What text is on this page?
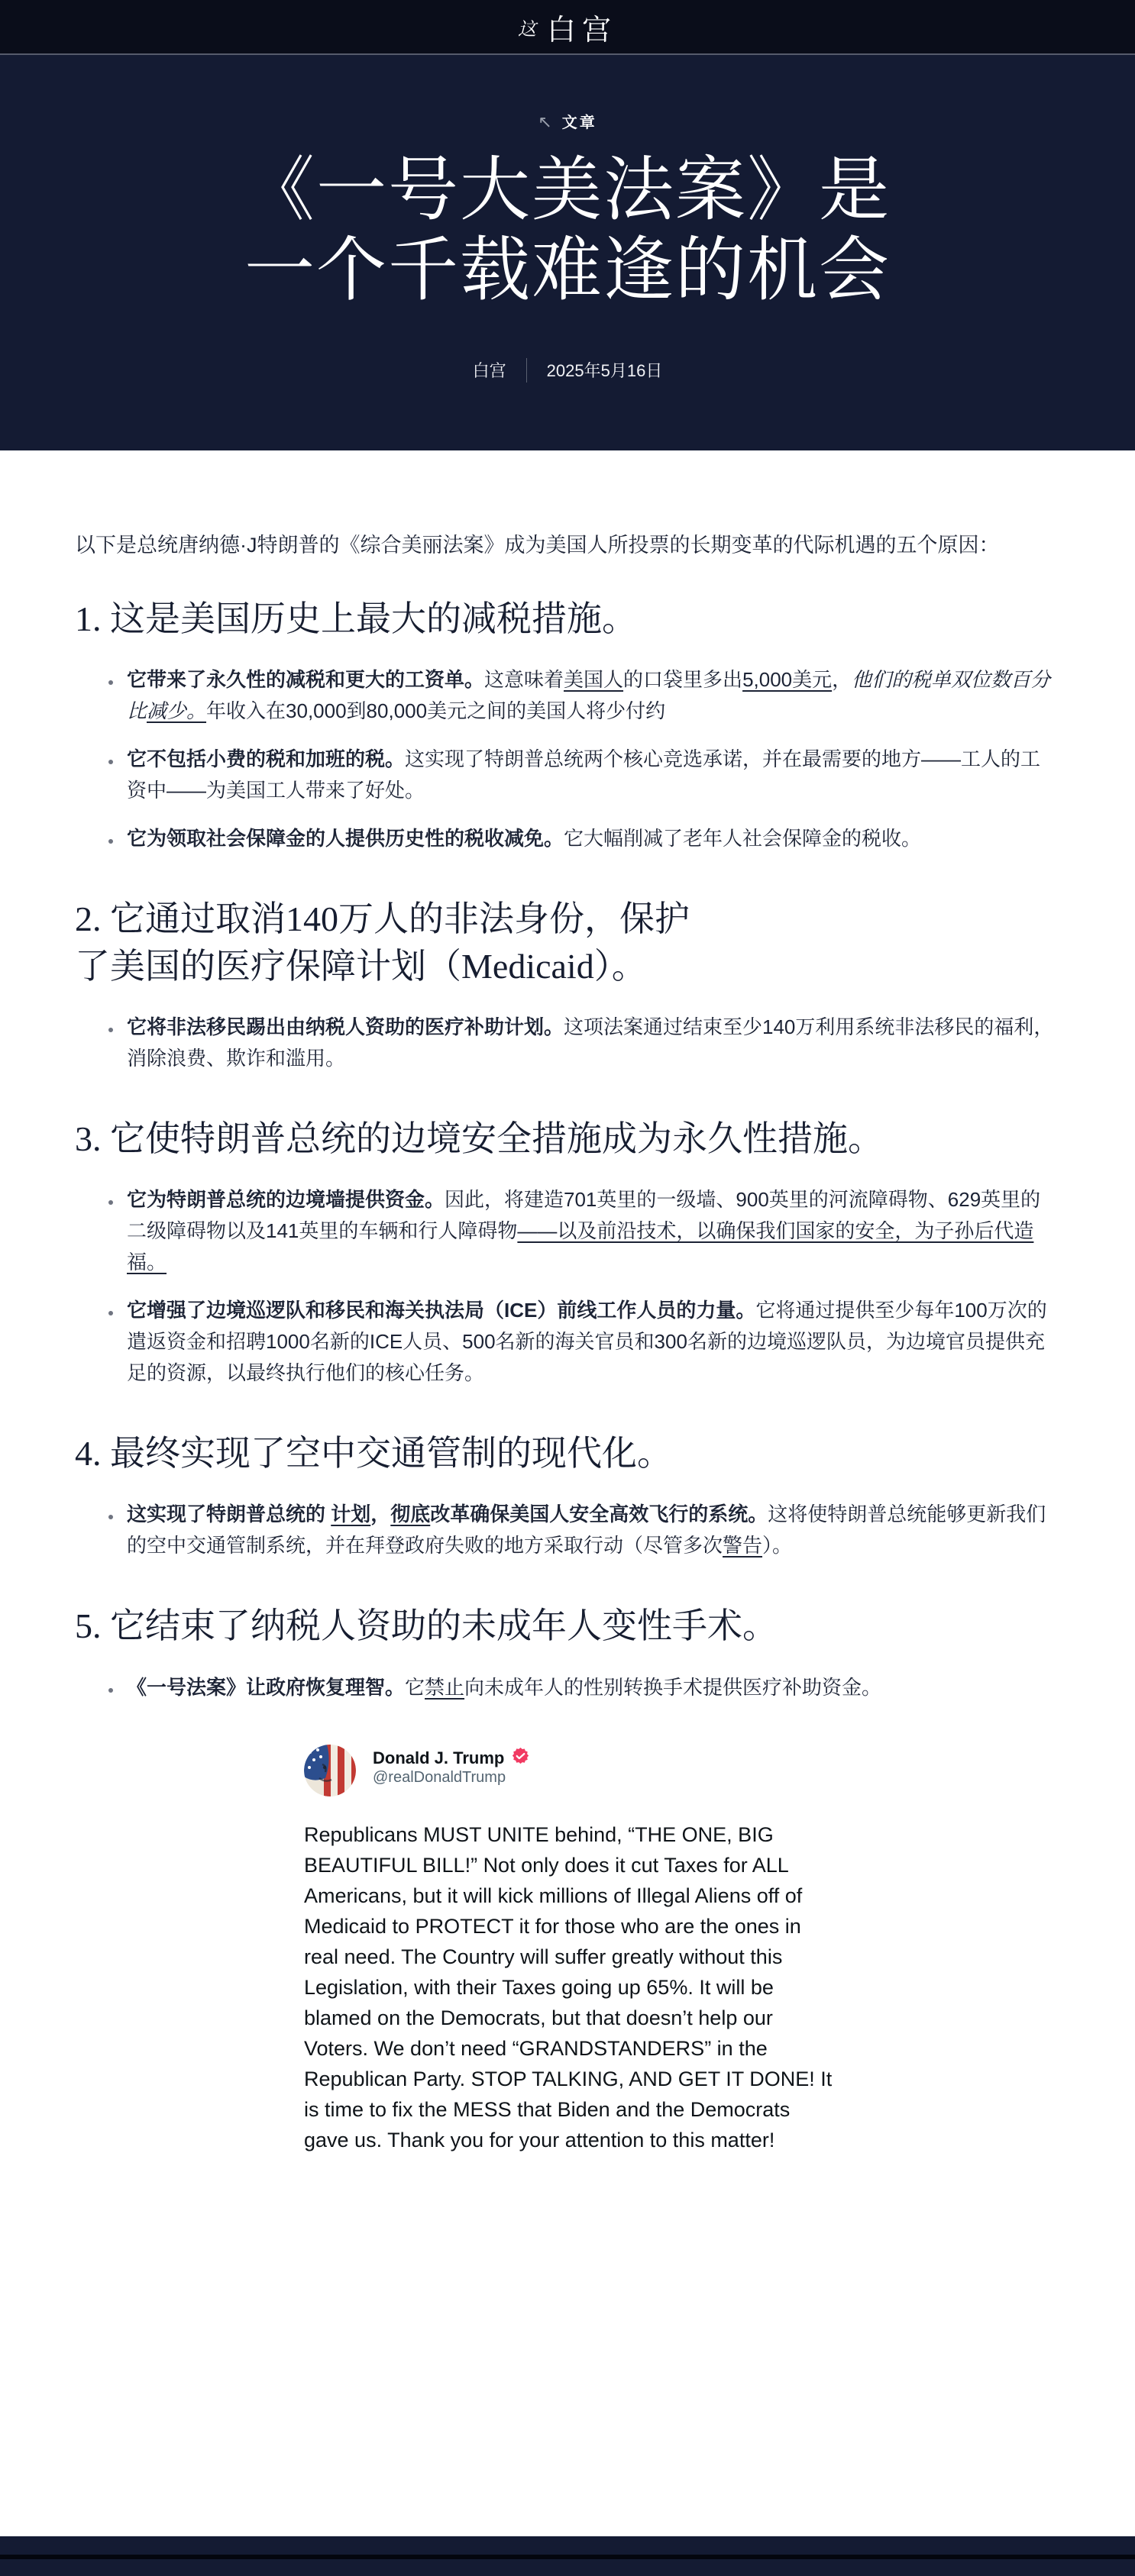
这 白宫
↖ 文章
《一号大美法案》是
一个千载难逢的机会
白宫 2025年5月16日

以下是总统唐纳德·J特朗普的《综合美丽法案》成为美国人所投票的长期变革的代际机遇的五个原因：

1. 这是美国历史上最大的减税措施。
• 它带来了永久性的减税和更大的工资单。这意味着美国人的口袋里多出5,000美元，他们的税单双位数百分比减少。年收入在30,000到80,000美元之间的美国人将少付约
• 它不包括小费的税和加班的税。这实现了特朗普总统两个核心竞选承诺，并在最需要的地方——工人的工资中——为美国工人带来了好处。
• 它为领取社会保障金的人提供历史性的税收减免。它大幅削减了老年人社会保障金的税收。
2. 它通过取消140万人的非法身份，保护
了美国的医疗保障计划（Medicaid）。
• 它将非法移民踢出由纳税人资助的医疗补助计划。这项法案通过结束至少140万利用系统非法移民的福利，消除浪费、欺诈和滥用。
3. 它使特朗普总统的边境安全措施成为永久性措施。
• 它为特朗普总统的边境墙提供资金。因此，将建造701英里的一级墙、900英里的河流障碍物、629英里的二级障碍物以及141英里的车辆和行人障碍物——以及前沿技术，以确保我们国家的安全，为子孙后代造福。
• 它增强了边境巡逻队和移民和海关执法局（ICE）前线工作人员的力量。它将通过提供至少每年100万次的遣返资金和招聘1000名新的ICE人员、500名新的海关官员和300名新的边境巡逻队员，为边境官员提供充足的资源，以最终执行他们的核心任务。
4. 最终实现了空中交通管制的现代化。
• 这实现了特朗普总统的 计划，彻底改革确保美国人安全高效飞行的系统。这将使特朗普总统能够更新我们的空中交通管制系统，并在拜登政府失败的地方采取行动（尽管多次警告）。
5. 它结束了纳税人资助的未成年人变性手术。
• 《一号法案》让政府恢复理智。它禁止向未成年人的性别转换手术提供医疗补助资金。
Donald J. Trump
@realDonaldTrump

Republicans MUST UNITE behind, “THE ONE, BIG BEAUTIFUL BILL!” Not only does it cut Taxes for ALL Americans, but it will kick millions of Illegal Aliens off of Medicaid to PROTECT it for those who are the ones in real need. The Country will suffer greatly without this Legislation, with their Taxes going up 65%. It will be blamed on the Democrats, but that doesn’t help our Voters. We don’t need “GRANDSTANDERS” in the Republican Party. STOP TALKING, AND GET IT DONE! It is time to fix the MESS that Biden and the Democrats gave us. Thank you for your attention to this matter!
